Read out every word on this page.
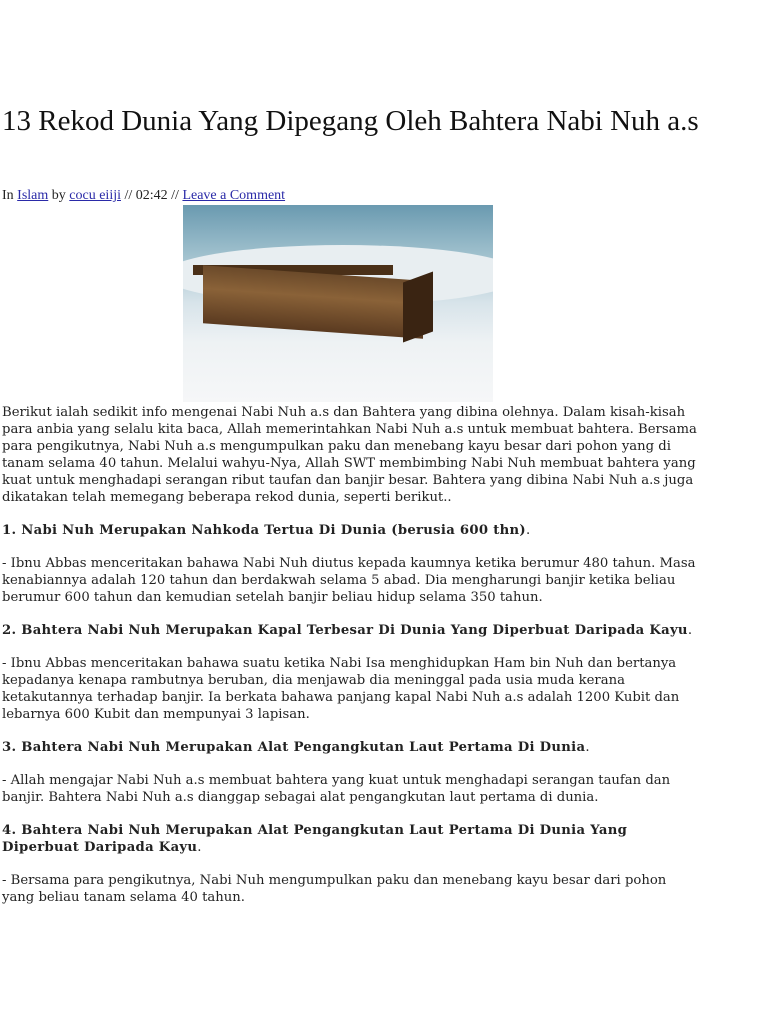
13 Rekod Dunia Yang Dipegang Oleh Bahtera Nabi Nuh a.s
In Islam by cocu eiiji // 02:42 // Leave a Comment

Berikut ialah sedikit info mengenai Nabi Nuh a.s dan Bahtera yang dibina olehnya. Dalam kisah-kisah para anbia yang selalu kita baca, Allah memerintahkan Nabi Nuh a.s untuk membuat bahtera. Bersama para pengikutnya, Nabi Nuh a.s mengumpulkan paku dan menebang kayu besar dari pohon yang di tanam selama 40 tahun. Melalui wahyu-Nya, Allah SWT membimbing Nabi Nuh membuat bahtera yang kuat untuk menghadapi serangan ribut taufan dan banjir besar. Bahtera yang dibina Nabi Nuh a.s juga dikatakan telah memegang beberapa rekod dunia, seperti berikut..

1. Nabi Nuh Merupakan Nahkoda Tertua Di Dunia (berusia 600 thn).

- Ibnu Abbas menceritakan bahawa Nabi Nuh diutus kepada kaumnya ketika berumur 480 tahun. Masa kenabiannya adalah 120 tahun dan berdakwah selama 5 abad. Dia mengharungi banjir ketika beliau berumur 600 tahun dan kemudian setelah banjir beliau hidup selama 350 tahun.

2. Bahtera Nabi Nuh Merupakan Kapal Terbesar Di Dunia Yang Diperbuat Daripada Kayu.

- Ibnu Abbas menceritakan bahawa suatu ketika Nabi Isa menghidupkan Ham bin Nuh dan bertanya kepadanya kenapa rambutnya beruban, dia menjawab dia meninggal pada usia muda kerana ketakutannya terhadap banjir. Ia berkata bahawa panjang kapal Nabi Nuh a.s adalah 1200 Kubit dan lebarnya 600 Kubit dan mempunyai 3 lapisan.

3. Bahtera Nabi Nuh Merupakan Alat Pengangkutan Laut Pertama Di Dunia.

- Allah mengajar Nabi Nuh a.s membuat bahtera yang kuat untuk menghadapi serangan taufan dan banjir. Bahtera Nabi Nuh a.s dianggap sebagai alat pengangkutan laut pertama di dunia.

4. Bahtera Nabi Nuh Merupakan Alat Pengangkutan Laut Pertama Di Dunia Yang Diperbuat Daripada Kayu.

- Bersama para pengikutnya, Nabi Nuh mengumpulkan paku dan menebang kayu besar dari pohon yang beliau tanam selama 40 tahun.
